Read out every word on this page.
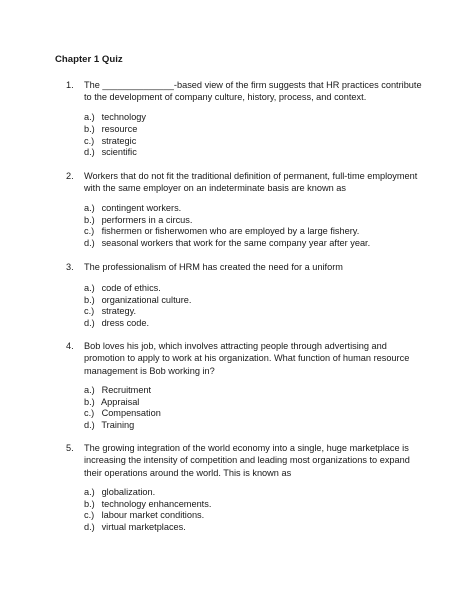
Chapter 1 Quiz
1. The ______________-based view of the firm suggests that HR practices contribute to the development of company culture, history, process, and context.
a.) technology
b.) resource
c.) strategic
d.) scientific
2. Workers that do not fit the traditional definition of permanent, full-time employment with the same employer on an indeterminate basis are known as
a.) contingent workers.
b.) performers in a circus.
c.) fishermen or fisherwomen who are employed by a large fishery.
d.) seasonal workers that work for the same company year after year.
3. The professionalism of HRM has created the need for a uniform
a.) code of ethics.
b.) organizational culture.
c.) strategy.
d.) dress code.
4. Bob loves his job, which involves attracting people through advertising and promotion to apply to work at his organization. What function of human resource management is Bob working in?
a.) Recruitment
b.) Appraisal
c.) Compensation
d.) Training
5. The growing integration of the world economy into a single, huge marketplace is increasing the intensity of competition and leading most organizations to expand their operations around the world. This is known as
a.) globalization.
b.) technology enhancements.
c.) labour market conditions.
d.) virtual marketplaces.
